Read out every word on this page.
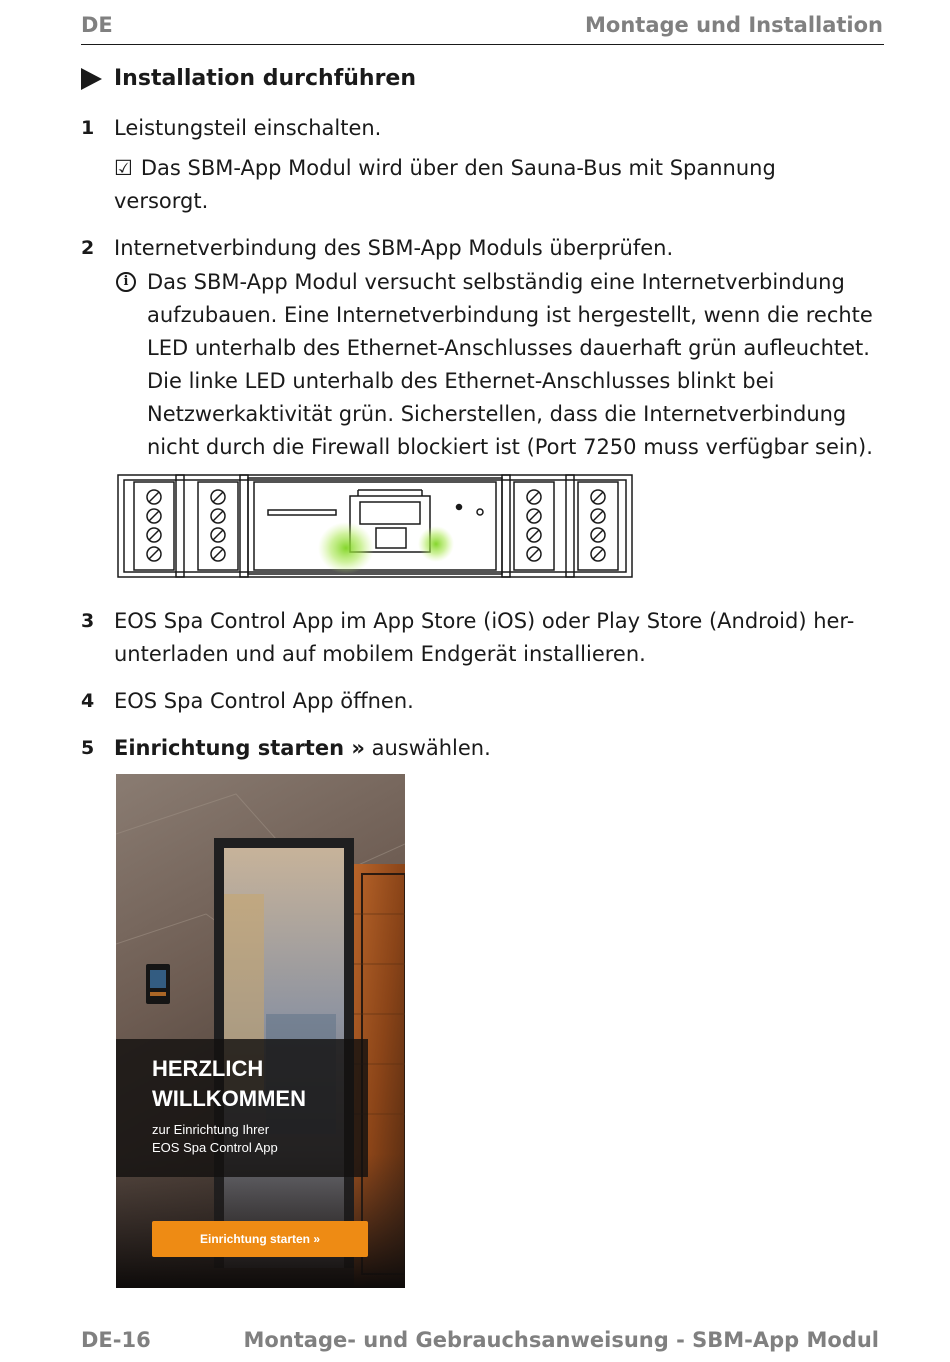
DE	Montage und Installation
Installation durchführen
1 Leistungsteil einschalten.
☑ Das SBM-App Modul wird über den Sauna-Bus mit Spannung
versorgt.
2 Internetverbindung des SBM-App Moduls überprüfen.
i Das SBM-App Modul versucht selbständig eine Internetverbindung
aufzubauen. Eine Internetverbindung ist hergestellt, wenn die rechte
LED unterhalb des Ethernet-Anschlusses dauerhaft grün aufleuchtet.
Die linke LED unterhalb des Ethernet-Anschlusses blinkt bei
Netzwerkaktivität grün. Sicherstellen, dass die Internetverbindung
nicht durch die Firewall blockiert ist (Port 7250 muss verfügbar sein).
3 EOS Spa Control App im App Store (iOS) oder Play Store (Android) her-
unterladen und auf mobilem Endgerät installieren.
4 EOS Spa Control App öffnen.
5 Einrichtung starten » auswählen.
HERZLICH
WILLKOMMEN
zur Einrichtung Ihrer
EOS Spa Control App
Einrichtung starten »
DE-16	Montage- und Gebrauchsanweisung - SBM-App Modul
